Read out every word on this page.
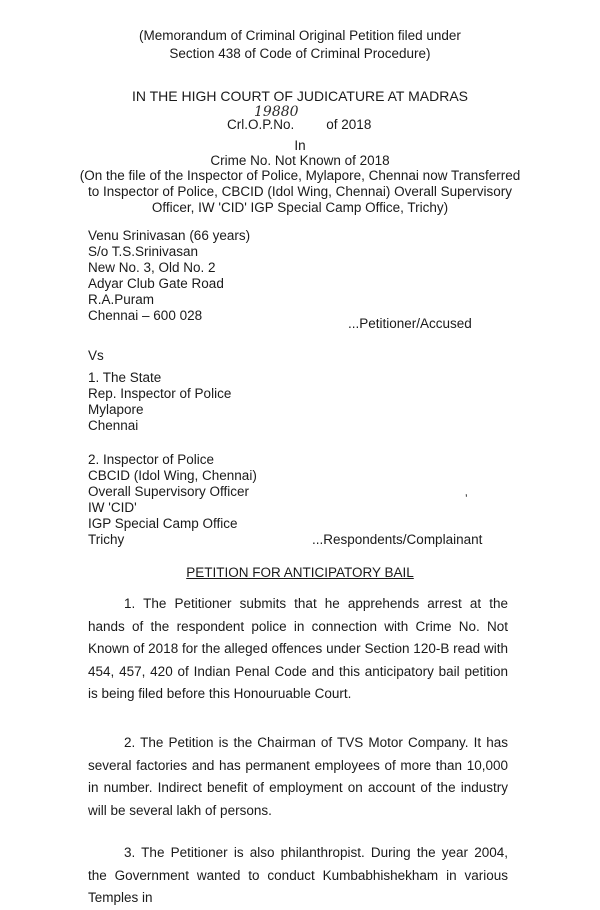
(Memorandum of Criminal Original Petition filed under
Section 438 of Code of Criminal Procedure)
IN THE HIGH COURT OF JUDICATURE AT MADRAS
19880
Crl.O.P.No. of 2018
In
Crime No. Not Known of 2018
(On the file of the Inspector of Police, Mylapore, Chennai now Transferred
to Inspector of Police, CBCID (Idol Wing, Chennai) Overall Supervisory
Officer, IW 'CID' IGP Special Camp Office, Trichy)
Venu Srinivasan (66 years)
S/o T.S.Srinivasan
New No. 3, Old No. 2
Adyar Club Gate Road
R.A.Puram
Chennai – 600 028
...Petitioner/Accused
Vs
1. The State
Rep. Inspector of Police
Mylapore
Chennai
2. Inspector of Police
CBCID (Idol Wing, Chennai)
Overall Supervisory Officer
IW 'CID'
IGP Special Camp Office
Trichy
ʼ
...Respondents/Complainant
PETITION FOR ANTICIPATORY BAIL
1. The Petitioner submits that he apprehends arrest at the hands of the respondent police in connection with Crime No. Not Known of 2018 for the alleged offences under Section 120-B read with 454, 457, 420 of Indian Penal Code and this anticipatory bail petition is being filed before this Honouruable Court.
2. The Petition is the Chairman of TVS Motor Company. It has several factories and has permanent employees of more than 10,000 in number. Indirect benefit of employment on account of the industry will be several lakh of persons.
3. The Petitioner is also philanthropist. During the year 2004, the Government wanted to conduct Kumbabhishekham in various Temples in
